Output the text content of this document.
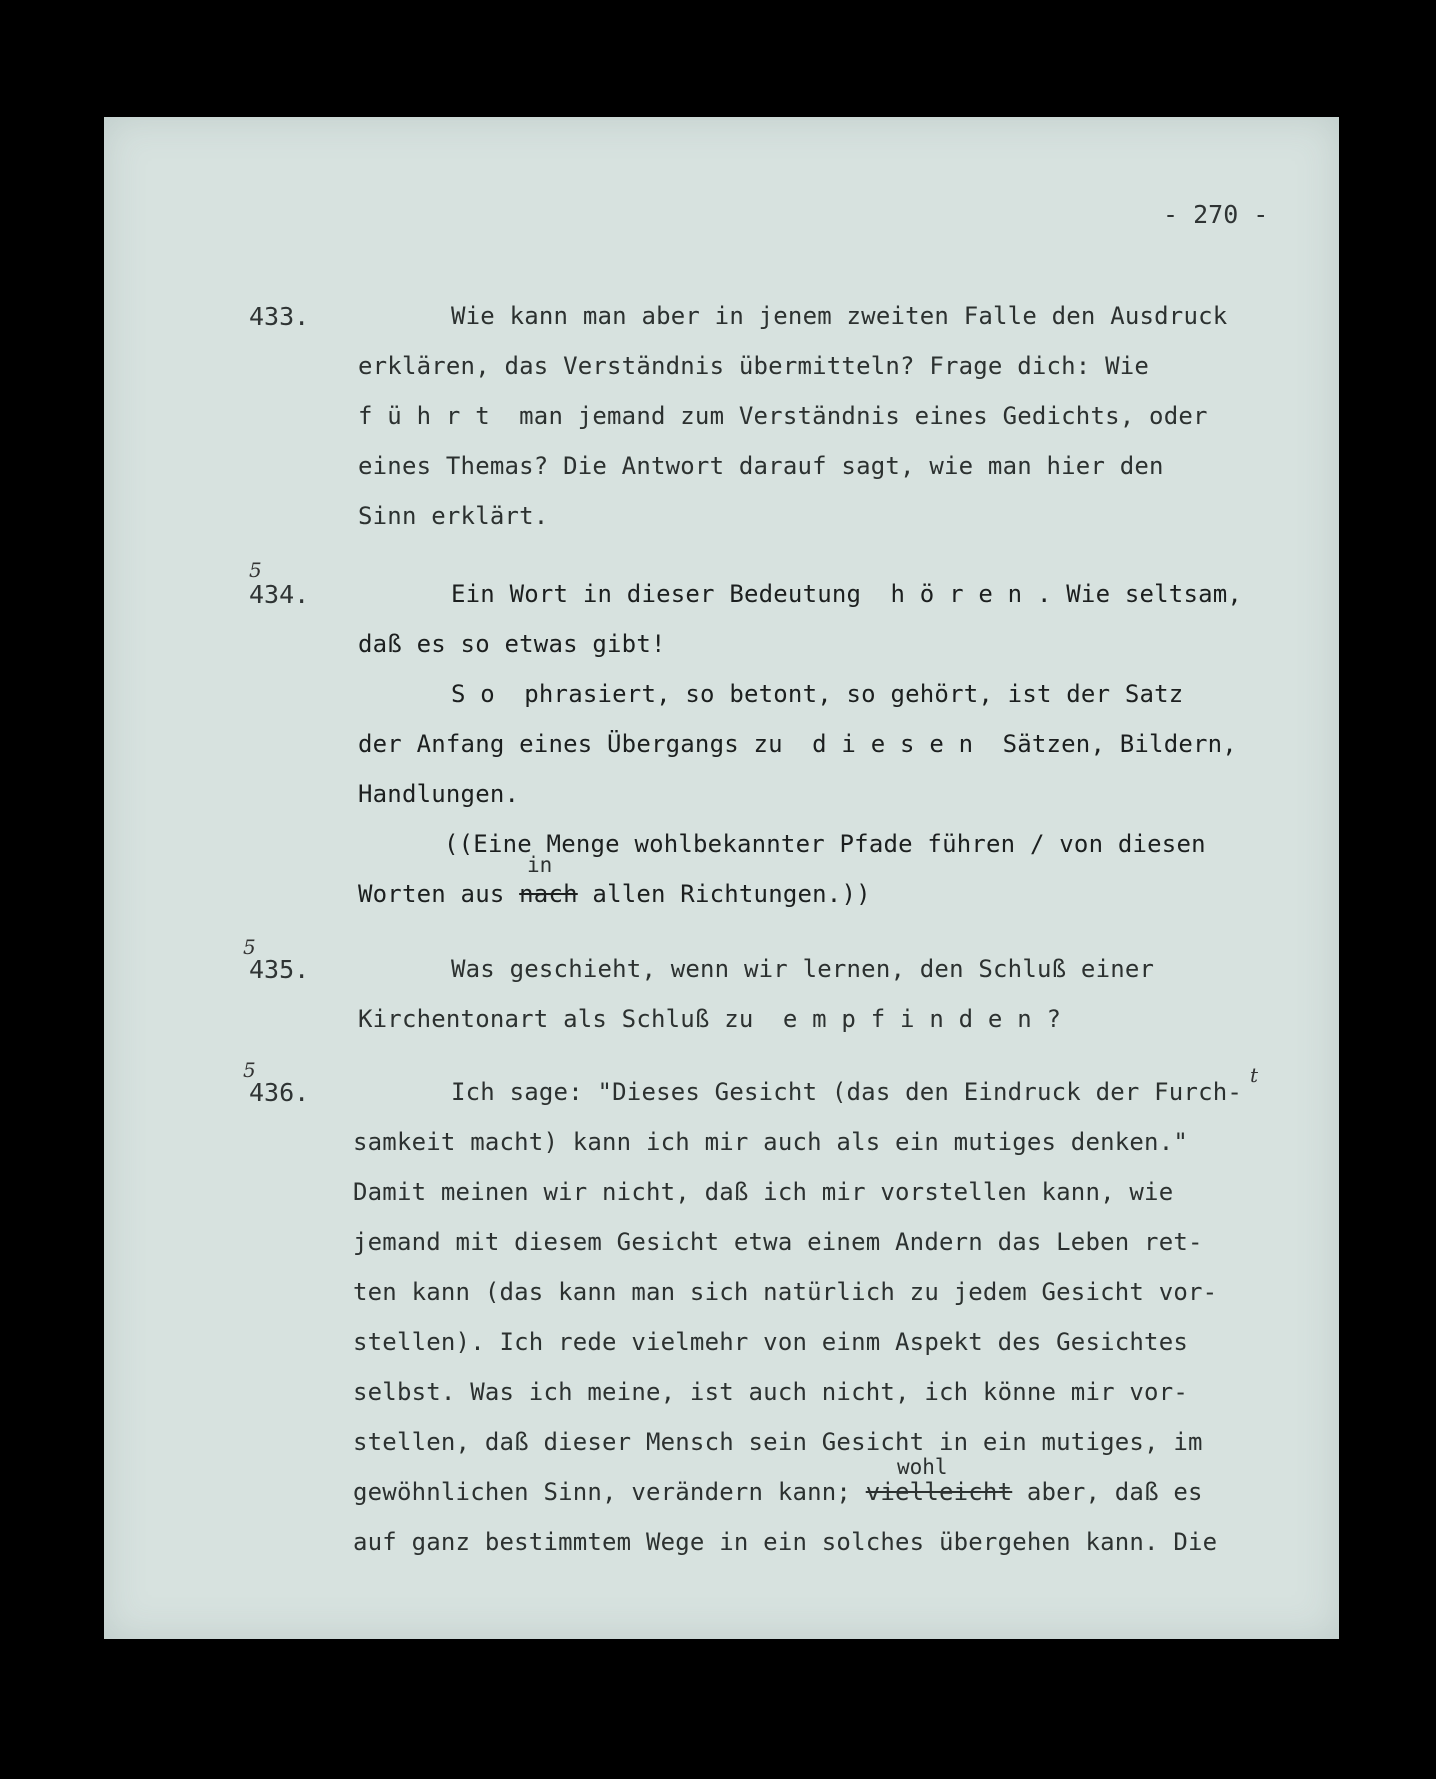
- 270 -
433.	Wie kann man aber in jenem zweiten Falle den Ausdruck
erklären, das Verständnis übermitteln? Frage dich: Wie
f ü h r t  man jemand zum Verständnis eines Gedichts, oder
eines Themas? Die Antwort darauf sagt, wie man hier den
Sinn erklärt.
5
434.	Ein Wort in dieser Bedeutung  h ö r e n . Wie seltsam,
daß es so etwas gibt!
S o  phrasiert, so betont, so gehört, ist der Satz
der Anfang eines Übergangs zu  d i e s e n  Sätzen, Bildern,
Handlungen.
((Eine Menge wohlbekannter Pfade führen ∕ von diesen
in
Worten aus nach allen Richtungen.))
5
435.	Was geschieht, wenn wir lernen, den Schluß einer
Kirchentonart als Schluß zu  e m p f i n d e n ?
5	t
436.	Ich sage: "Dieses Gesicht (das den Eindruck der Furch-
samkeit macht) kann ich mir auch als ein mutiges denken."
Damit meinen wir nicht, daß ich mir vorstellen kann, wie
jemand mit diesem Gesicht etwa einem Andern das Leben ret-
ten kann (das kann man sich natürlich zu jedem Gesicht vor-
stellen). Ich rede vielmehr von einm Aspekt des Gesichtes
selbst. Was ich meine, ist auch nicht, ich könne mir vor-
stellen, daß dieser Mensch sein Gesicht in ein mutiges, im
wohl
gewöhnlichen Sinn, verändern kann; vielleicht aber, daß es
auf ganz bestimmtem Wege in ein solches übergehen kann. Die
